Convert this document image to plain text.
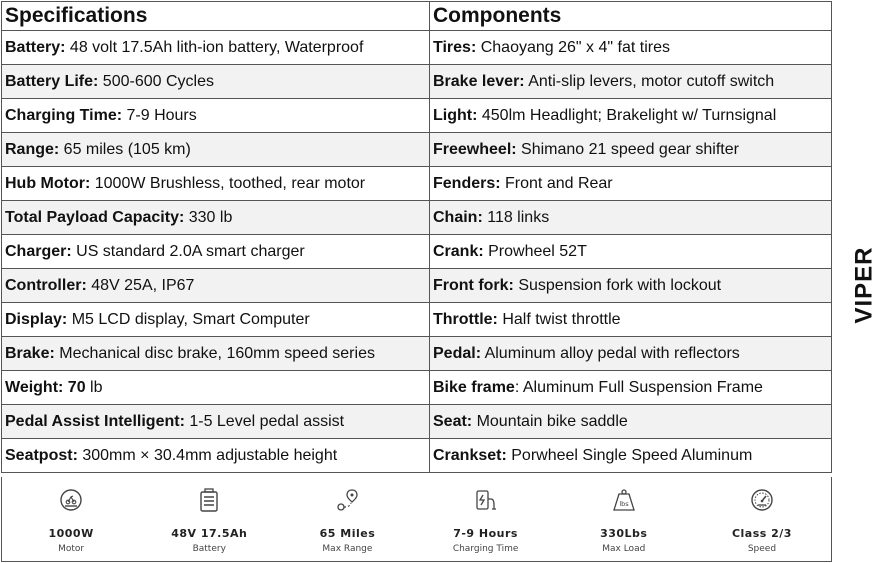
Specifications	Components
Battery: 48 volt 17.5Ah lith-ion battery, Waterproof	Tires: Chaoyang 26" x 4" fat tires
Battery Life: 500-600 Cycles	Brake lever: Anti-slip levers, motor cutoff switch
Charging Time: 7-9 Hours	Light: 450lm Headlight; Brakelight w/ Turnsignal
Range: 65 miles (105 km)	Freewheel: Shimano 21 speed gear shifter
Hub Motor: 1000W Brushless, toothed, rear motor	Fenders: Front and Rear
Total Payload Capacity: 330 lb	Chain: 118 links
Charger: US standard 2.0A smart charger	Crank: Prowheel 52T
Controller: 48V 25A, IP67	Front fork: Suspension fork with lockout
Display: M5 LCD display, Smart Computer	Throttle: Half twist throttle
Brake: Mechanical disc brake, 160mm speed series	Pedal: Aluminum alloy pedal with reflectors
Weight: 70 lb	Bike frame: Aluminum Full Suspension Frame
Pedal Assist Intelligent: 1-5 Level pedal assist	Seat: Mountain bike saddle
Seatpost: 300mm × 30.4mm adjustable height	Crankset: Porwheel Single Speed Aluminum
1000W
Motor
48V 17.5Ah
Battery
65 Miles
Max Range
7-9 Hours
Charging Time
lbs
330Lbs
Max Load
Class 2/3
Speed
VIPER
